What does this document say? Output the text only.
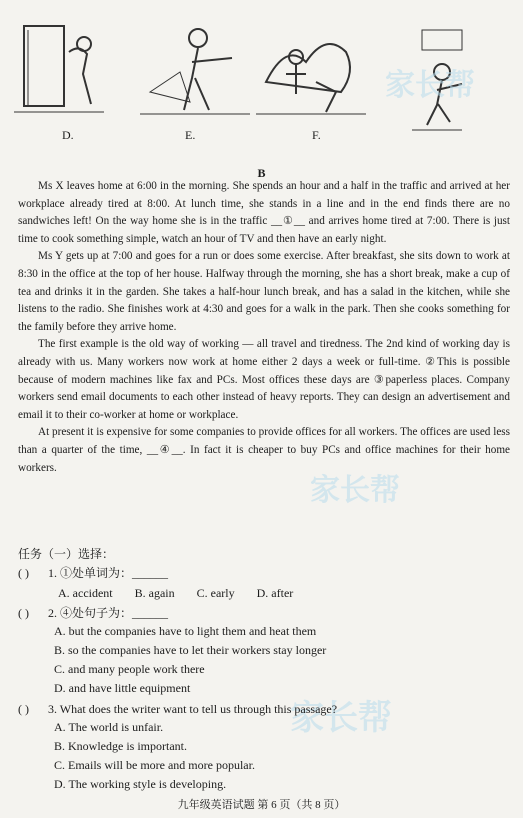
D.	E.	F.
家长帮
家长帮
家长帮
B

Ms X leaves home at 6:00 in the morning. She spends an hour and a half in the traffic and arrived at her workplace already tired at 8:00. At lunch time, she stands in a line and in the end finds there are no sandwiches left! On the way home she is in the traffic __①__ and arrives home tired at 7:00. There is just time to cook something simple, watch an hour of TV and then have an early night.

Ms Y gets up at 7:00 and goes for a run or does some exercise. After breakfast, she sits down to work at 8:30 in the office at the top of her house. Halfway through the morning, she has a short break, make a cup of tea and drinks it in the garden. She takes a half-hour lunch break, and has a salad in the kitchen, while she listens to the radio. She finishes work at 4:30 and goes for a walk in the park. Then she cooks something for the family before they arrive home.

The first example is the old way of working — all travel and tiredness. The 2nd kind of working day is already with us. Many workers now work at home either 2 days a week or full-time. ②This is possible because of modern machines like fax and PCs. Most offices these days are ③paperless places. Company workers send email documents to each other instead of heavy reports. They can design an advertisement and email it to their co-worker at home or workplace.

At present it is expensive for some companies to provide offices for all workers. The offices are used less than a quarter of the time, __④__. In fact it is cheaper to buy PCs and office machines for their home workers.

任务（一）选择：
( )	1. ①处单词为：______
A. accident B. again C. early D. after
( )	2. ④处句子为：______
A. but the companies have to light them and heat them
B. so the companies have to let their workers stay longer
C. and many people work there
D. and have little equipment
( )	3. What does the writer want to tell us through this passage?
A. The world is unfair.
B. Knowledge is important.
C. Emails will be more and more popular.
D. The working style is developing.
九年级英语试题 第 6 页（共 8 页）
